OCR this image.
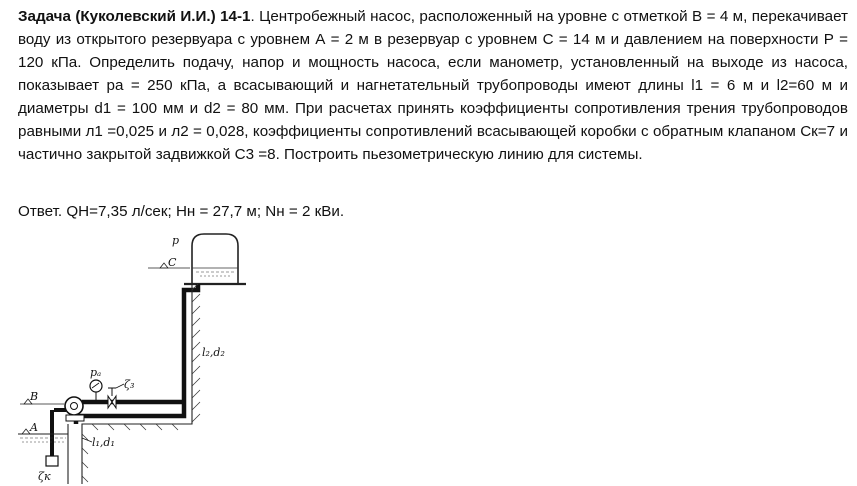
Задача (Куколевский И.И.) 14-1. Центробежный насос, расположенный на уровне с отметкой В = 4 м, перекачивает воду из открытого резервуара с уровнем А = 2 м в резервуар с уровнем С = 14 м и давлением на поверхности Р = 120 кПа. Определить подачу, напор и мощность насоса, если манометр, установленный на выходе из насоса, показывает pa = 250 кПа, а всасывающий и нагнетательный трубопроводы имеют длины l1 = 6 м и l2=60 м и диаметры d1 = 100 мм и d2 = 80 мм. При расчетах принять коэффициенты сопротивления трения трубопроводов равными л1 =0,025 и л2 = 0,028, коэффициенты сопротивлений всасывающей коробки с обратным клапаном Ск=7 и частично закрытой задвижкой С3 =8. Построить пьезометрическую линию для системы.

Ответ. QН=7,35 л/сек; Нн = 27,7 м; Nн = 2 кВи.

p
C
l₂,d₂
pₐ
ζ₃
B
ζк
A
l₁,d₁
